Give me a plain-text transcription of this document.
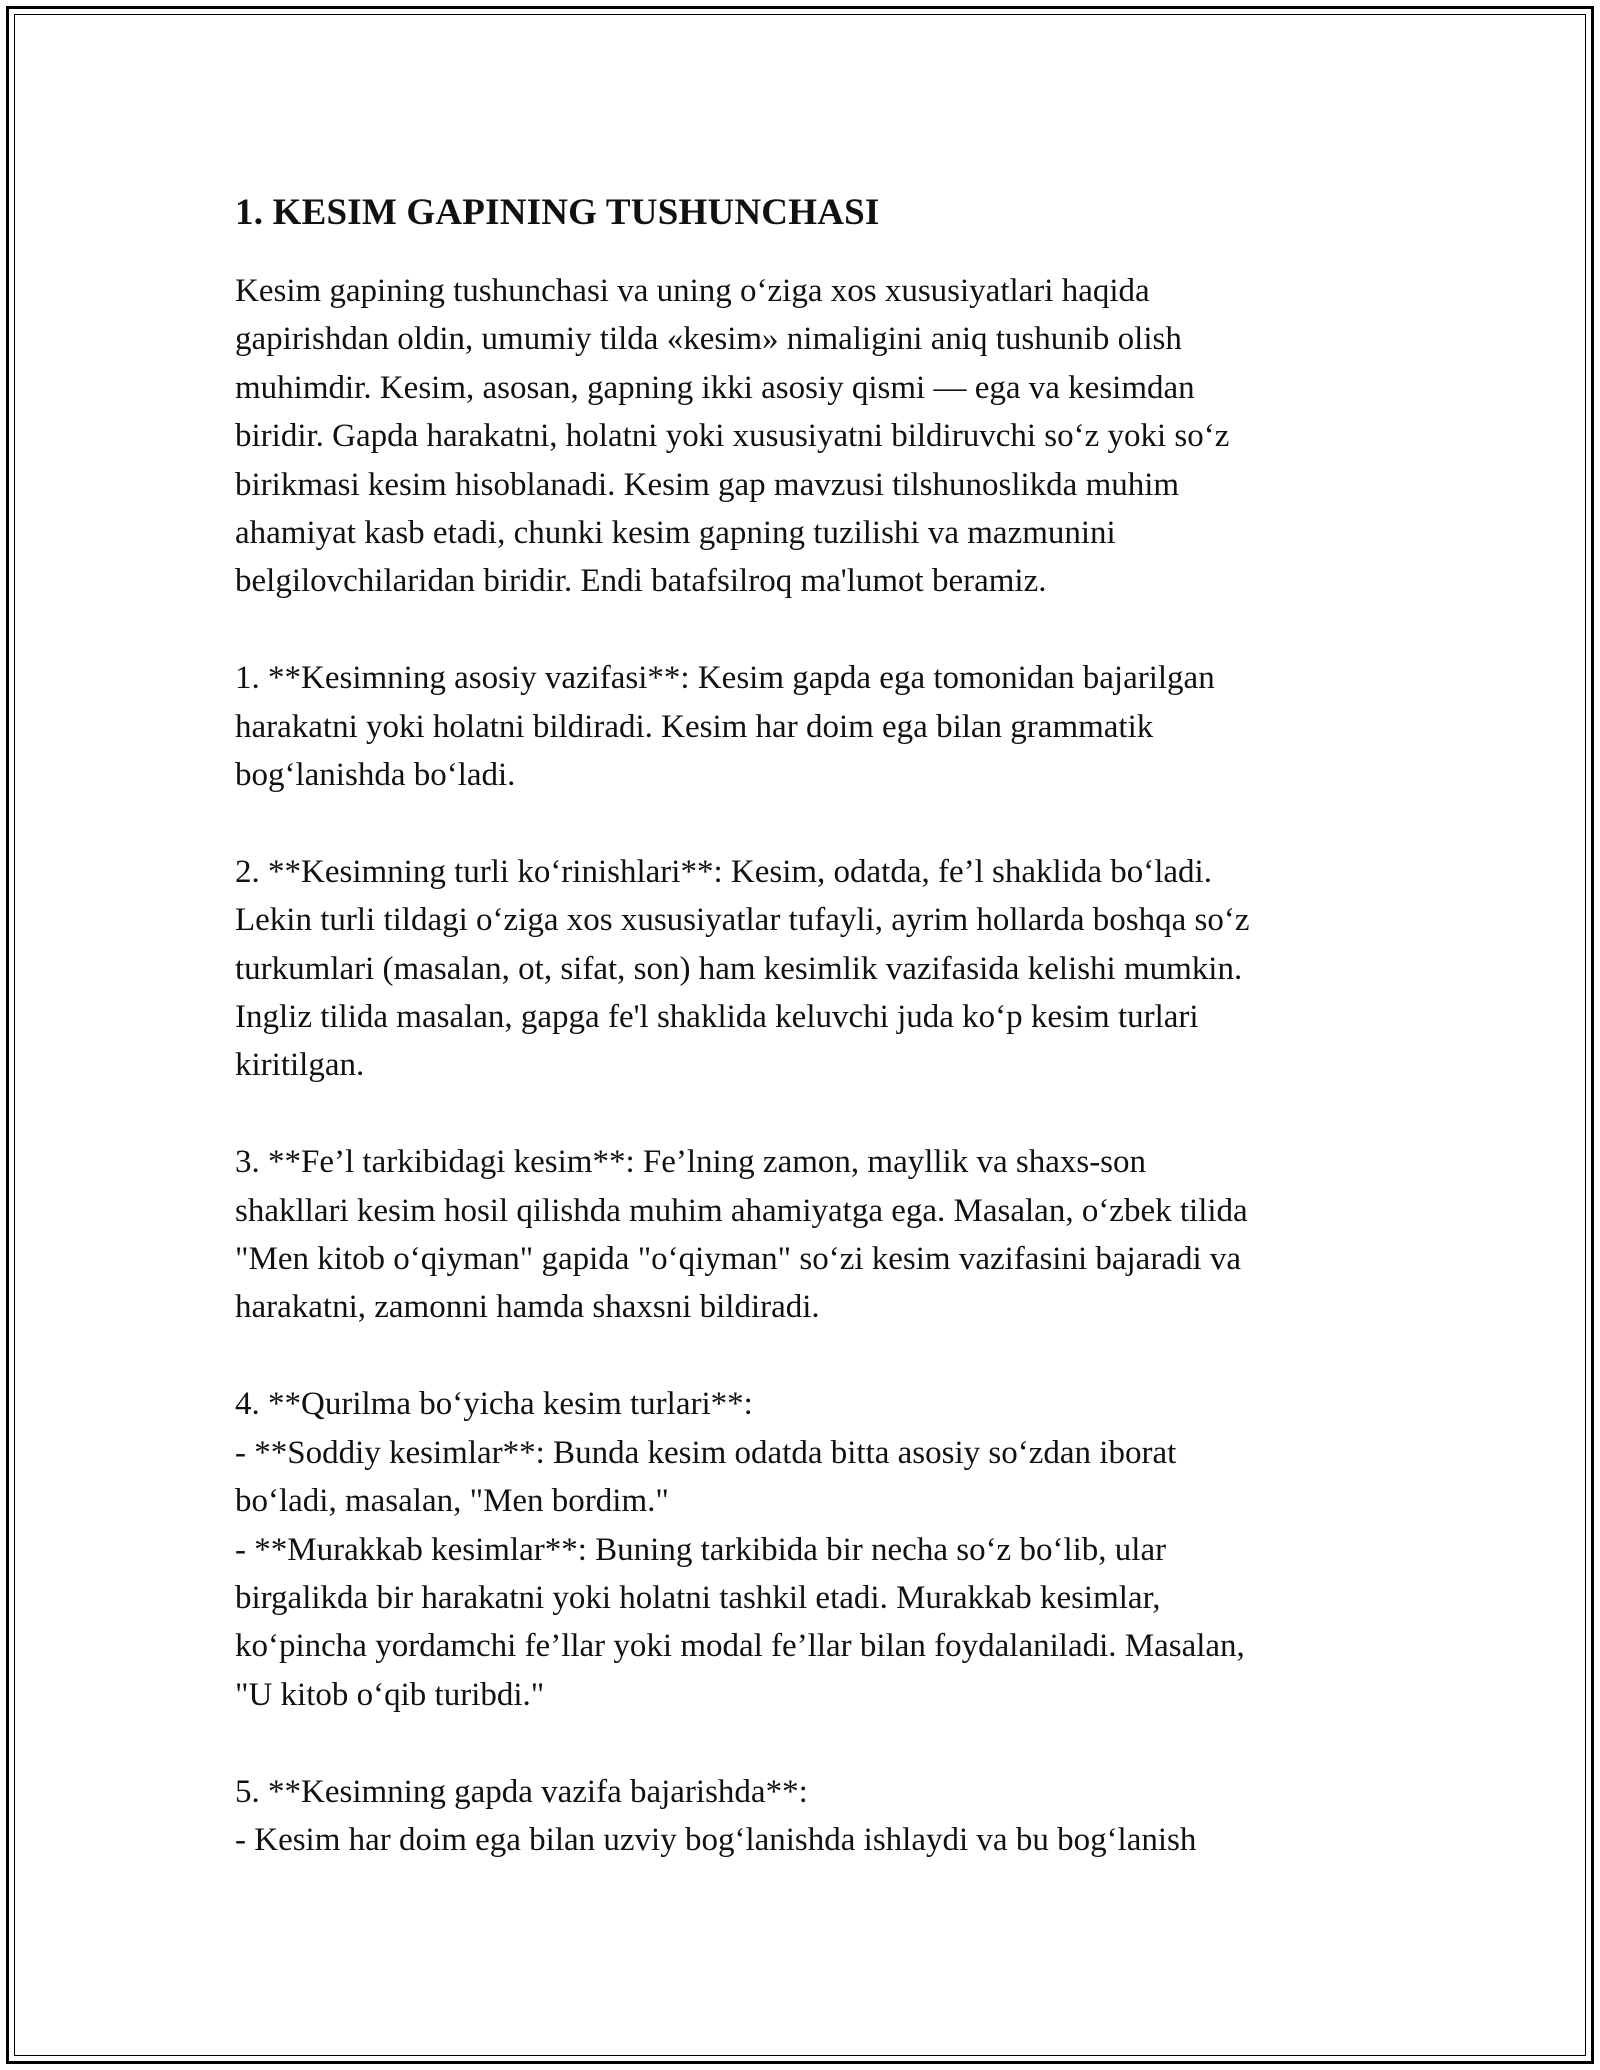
1. KESIM GAPINING TUSHUNCHASI

Kesim gapining tushunchasi va uning o‘ziga xos xususiyatlari haqida
gapirishdan oldin, umumiy tilda «kesim» nimaligini aniq tushunib olish
muhimdir. Kesim, asosan, gapning ikki asosiy qismi — ega va kesimdan
biridir. Gapda harakatni, holatni yoki xususiyatni bildiruvchi so‘z yoki so‘z
birikmasi kesim hisoblanadi. Kesim gap mavzusi tilshunoslikda muhim
ahamiyat kasb etadi, chunki kesim gapning tuzilishi va mazmunini
belgilovchilaridan biridir. Endi batafsilroq ma'lumot beramiz.

1. **Kesimning asosiy vazifasi**: Kesim gapda ega tomonidan bajarilgan
harakatni yoki holatni bildiradi. Kesim har doim ega bilan grammatik
bog‘lanishda bo‘ladi.

2. **Kesimning turli ko‘rinishlari**: Kesim, odatda, fe’l shaklida bo‘ladi.
Lekin turli tildagi o‘ziga xos xususiyatlar tufayli, ayrim hollarda boshqa so‘z
turkumlari (masalan, ot, sifat, son) ham kesimlik vazifasida kelishi mumkin.
Ingliz tilida masalan, gapga fe'l shaklida keluvchi juda ko‘p kesim turlari
kiritilgan.

3. **Fe’l tarkibidagi kesim**: Fe’lning zamon, mayllik va shaxs-son
shakllari kesim hosil qilishda muhim ahamiyatga ega. Masalan, o‘zbek tilida
"Men kitob o‘qiyman" gapida "o‘qiyman" so‘zi kesim vazifasini bajaradi va
harakatni, zamonni hamda shaxsni bildiradi.

4. **Qurilma bo‘yicha kesim turlari**:
- **Soddiy kesimlar**: Bunda kesim odatda bitta asosiy so‘zdan iborat
bo‘ladi, masalan, "Men bordim."
- **Murakkab kesimlar**: Buning tarkibida bir necha so‘z bo‘lib, ular
birgalikda bir harakatni yoki holatni tashkil etadi. Murakkab kesimlar,
ko‘pincha yordamchi fe’llar yoki modal fe’llar bilan foydalaniladi. Masalan,
"U kitob o‘qib turibdi."

5. **Kesimning gapda vazifa bajarishda**:
- Kesim har doim ega bilan uzviy bog‘lanishda ishlaydi va bu bog‘lanish
